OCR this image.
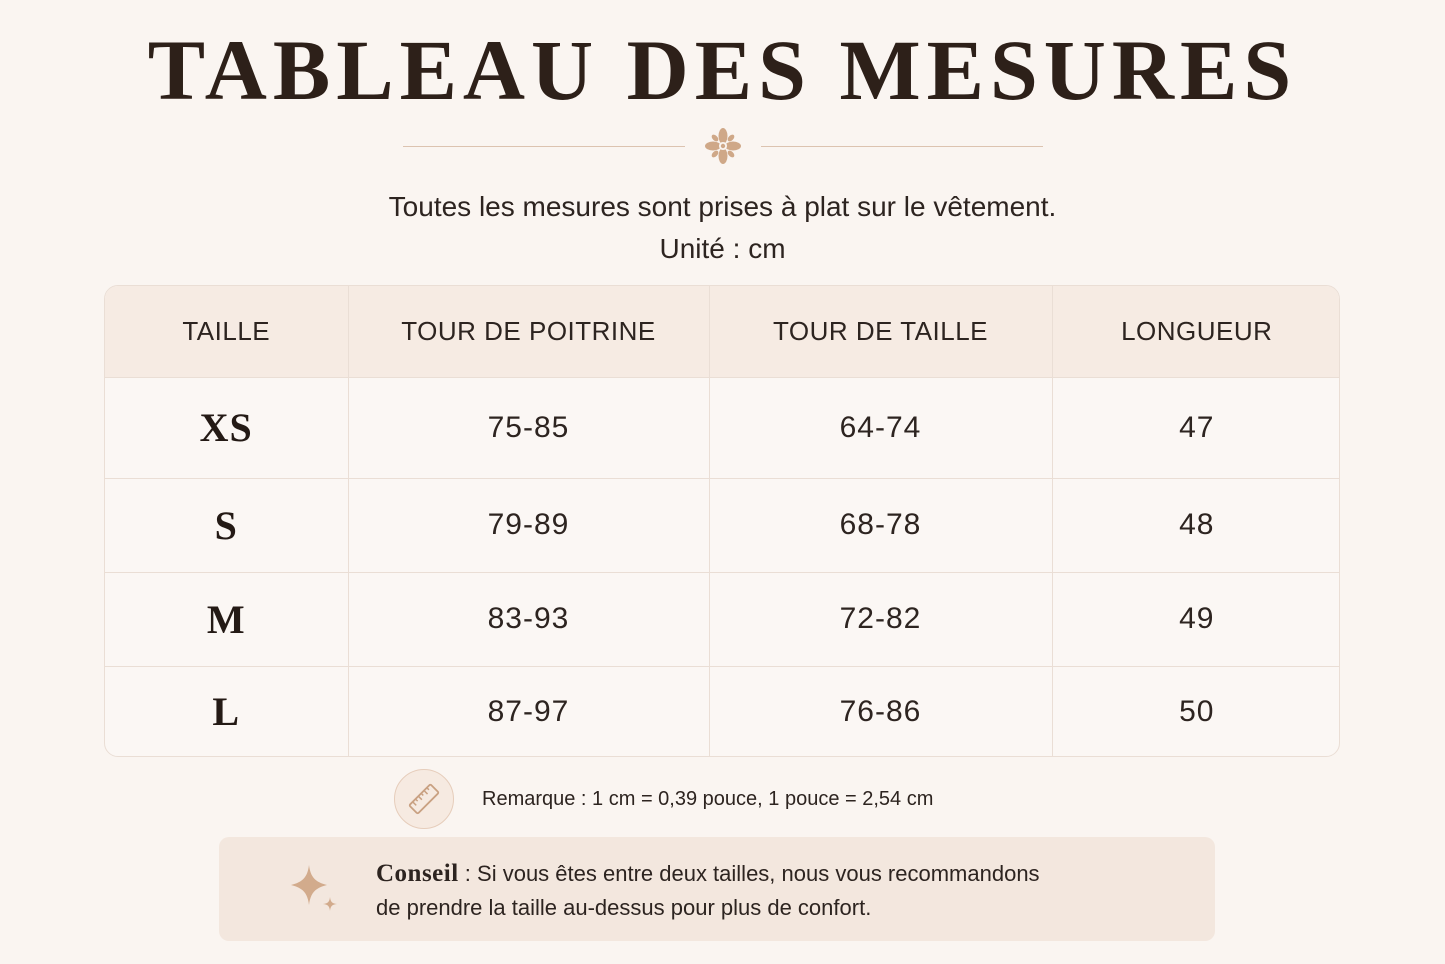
TABLEAU DES MESURES
Toutes les mesures sont prises à plat sur le vêtement.
Unité : cm
TAILLE	TOUR DE POITRINE	TOUR DE TAILLE	LONGUEUR
XS	75-85	64-74	47
S	79-89	68-78	48
M	83-93	72-82	49
L	87-97	76-86	50
Remarque : 1 cm = 0,39 pouce, 1 pouce = 2,54 cm
Conseil : Si vous êtes entre deux tailles, nous vous recommandons
de prendre la taille au-dessus pour plus de confort.
